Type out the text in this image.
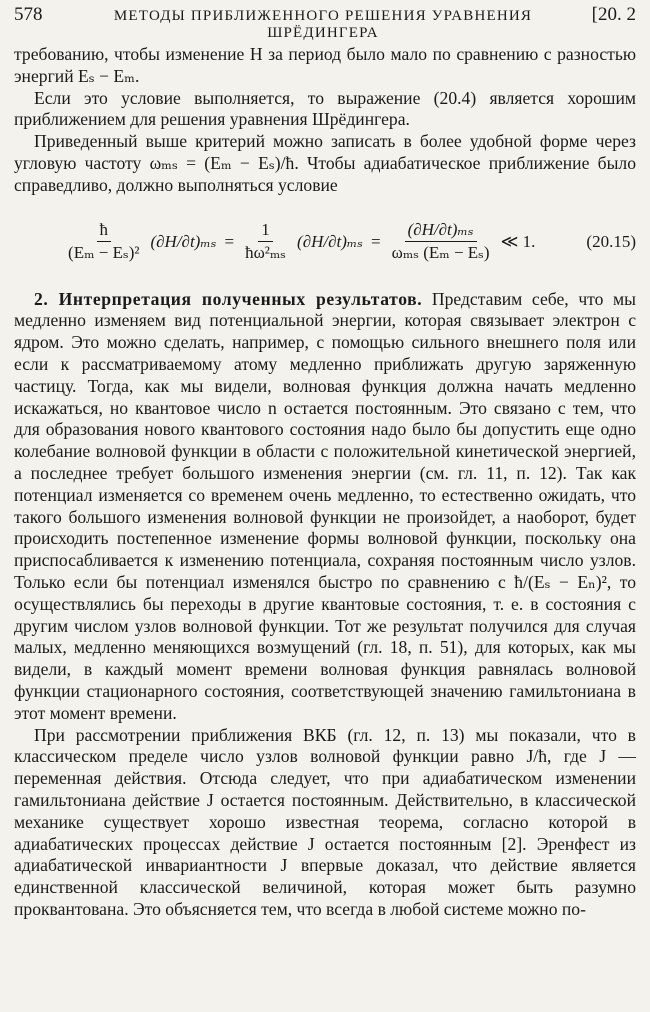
578	МЕТОДЫ ПРИБЛИЖЕННОГО РЕШЕНИЯ УРАВНЕНИЯ ШРЁДИНГЕРА
[20. 2

требованию, чтобы изменение H за период было мало по сравнению с разностью энергий Eₛ − Eₘ.

Если это условие выполняется, то выражение (20.4) является хорошим приближением для решения уравнения Шрёдингера.

Приведенный выше критерий можно записать в более удобной форме через угловую частоту ωₘₛ = (Eₘ − Eₛ)/ħ. Чтобы адиабатическое приближение было справедливо, должно выполняться условие

$\frac{ħ}{\text{(Eₘ − Eₛ)²}} (\partial H/\partial t)_{ms} = \frac{1}{\text{ħω²ₘₛ}} (\partial H/\partial t)_{ms} = \frac{\text{(∂H/∂t)ₘₛ}}{\text{ωₘₛ (Eₘ − Eₛ)}}$ ≪ 1.	(20.15)

2. Интерпретация полученных результатов. Представим себе, что мы медленно изменяем вид потенциальной энергии, которая связывает электрон с ядром. Это можно сделать, например, с помощью сильного внешнего поля или если к рассматриваемому атому медленно приближать другую заряженную частицу. Тогда, как мы видели, волновая функция должна начать медленно искажаться, но квантовое число n остается постоянным. Это связано с тем, что для образования нового квантового состояния надо было бы допустить еще одно колебание волновой функции в области с положительной кинетической энергией, а последнее требует большого изменения энергии (см. гл. 11, п. 12). Так как потенциал изменяется со временем очень медленно, то естественно ожидать, что такого большого изменения волновой функции не произойдет, а наоборот, будет происходить постепенное изменение формы волновой функции, поскольку она приспосабливается к изменению потенциала, сохраняя постоянным число узлов. Только если бы потенциал изменялся быстро по сравнению с ħ/(Eₛ − Eₙ)², то осуществлялись бы переходы в другие квантовые состояния, т. е. в состояния с другим числом узлов волновой функции. Тот же результат получился для случая малых, медленно меняющихся возмущений (гл. 18, п. 51), для которых, как мы видели, в каждый момент времени волновая функция равнялась волновой функции стационарного состояния, соответствующей значению гамильтониана в этот момент времени.

При рассмотрении приближения ВКБ (гл. 12, п. 13) мы показали, что в классическом пределе число узлов волновой функции равно J/ħ, где J — переменная действия. Отсюда следует, что при адиабатическом изменении гамильтониана действие J остается постоянным. Действительно, в классической механике существует хорошо известная теорема, согласно которой в адиабатических процессах действие J остается постоянным [2]. Эренфест из адиабатической инвариантности J впервые доказал, что действие является единственной классической величиной, которая может быть разумно проквантована. Это объясняется тем, что всегда в любой системе можно по-
